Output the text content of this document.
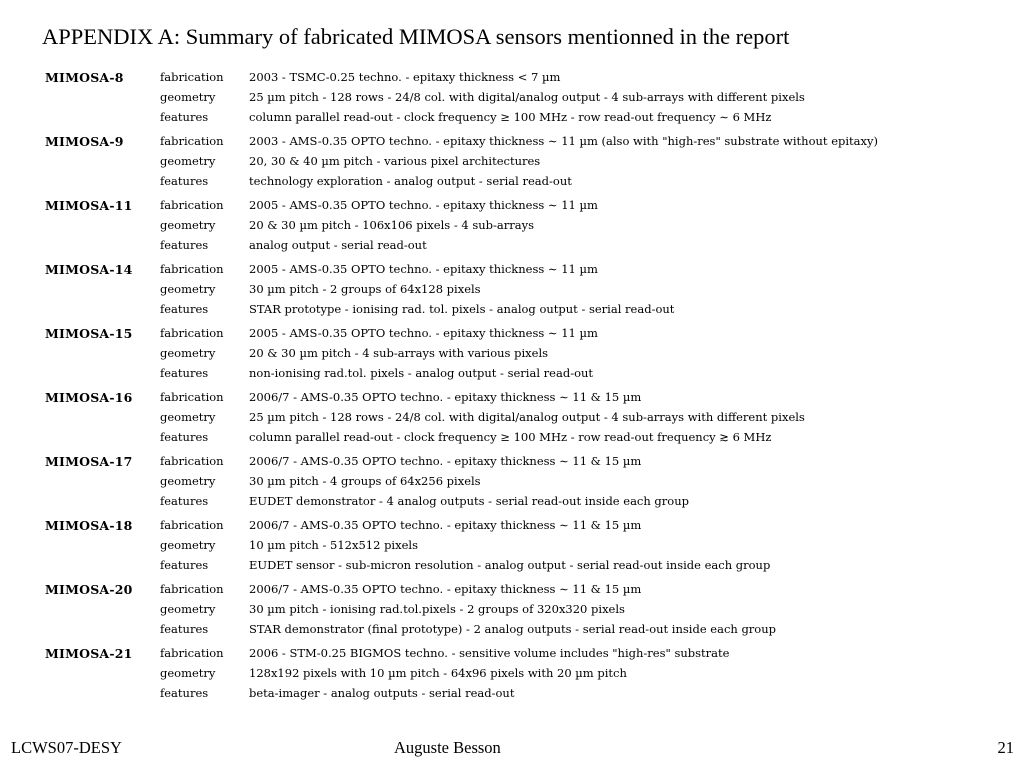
APPENDIX A: Summary of fabricated MIMOSA sensors mentionned in the report
MIMOSA-8	fabrication	2003 - TSMC-0.25 techno. - epitaxy thickness < 7 µm
geometry	25 µm pitch - 128 rows - 24/8 col. with digital/analog output - 4 sub-arrays with different pixels
features	column parallel read-out - clock frequency ≥ 100 MHz - row read-out frequency ∼ 6 MHz
MIMOSA-9	fabrication	2003 - AMS-0.35 OPTO techno. - epitaxy thickness ∼ 11 µm (also with "high-res" substrate without epitaxy)
geometry	20, 30 & 40 µm pitch - various pixel architectures
features	technology exploration - analog output - serial read-out
MIMOSA-11	fabrication	2005 - AMS-0.35 OPTO techno. - epitaxy thickness ∼ 11 µm
geometry	20 & 30 µm pitch - 106x106 pixels - 4 sub-arrays
features	analog output - serial read-out
MIMOSA-14	fabrication	2005 - AMS-0.35 OPTO techno. - epitaxy thickness ∼ 11 µm
geometry	30 µm pitch - 2 groups of 64x128 pixels
features	STAR prototype - ionising rad. tol. pixels - analog output - serial read-out
MIMOSA-15	fabrication	2005 - AMS-0.35 OPTO techno. - epitaxy thickness ∼ 11 µm
geometry	20 & 30 µm pitch - 4 sub-arrays with various pixels
features	non-ionising rad.tol. pixels - analog output - serial read-out
MIMOSA-16	fabrication	2006/7 - AMS-0.35 OPTO techno. - epitaxy thickness ∼ 11 & 15 µm
geometry	25 µm pitch - 128 rows - 24/8 col. with digital/analog output - 4 sub-arrays with different pixels
features	column parallel read-out - clock frequency ≥ 100 MHz - row read-out frequency ≳ 6 MHz
MIMOSA-17	fabrication	2006/7 - AMS-0.35 OPTO techno. - epitaxy thickness ∼ 11 & 15 µm
geometry	30 µm pitch - 4 groups of 64x256 pixels
features	EUDET demonstrator - 4 analog outputs - serial read-out inside each group
MIMOSA-18	fabrication	2006/7 - AMS-0.35 OPTO techno. - epitaxy thickness ∼ 11 & 15 µm
geometry	10 µm pitch - 512x512 pixels
features	EUDET sensor - sub-micron resolution - analog output - serial read-out inside each group
MIMOSA-20	fabrication	2006/7 - AMS-0.35 OPTO techno. - epitaxy thickness ∼ 11 & 15 µm
geometry	30 µm pitch - ionising rad.tol.pixels - 2 groups of 320x320 pixels
features	STAR demonstrator (final prototype) - 2 analog outputs - serial read-out inside each group
MIMOSA-21	fabrication	2006 - STM-0.25 BIGMOS techno. - sensitive volume includes "high-res" substrate
geometry	128x192 pixels with 10 µm pitch - 64x96 pixels with 20 µm pitch
features	beta-imager - analog outputs - serial read-out
LCWS07-DESY	Auguste Besson	21
